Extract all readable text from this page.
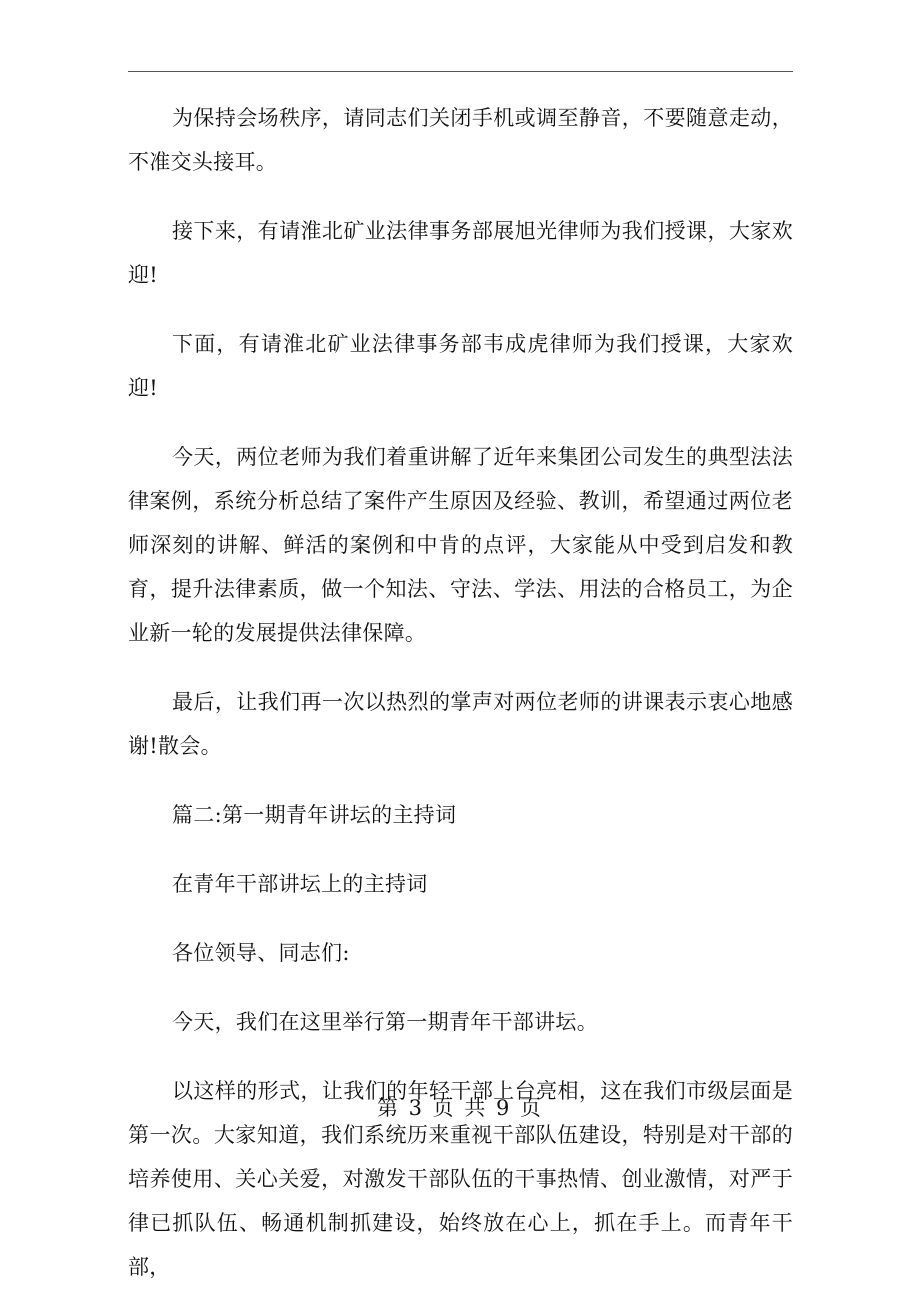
为保持会场秩序，请同志们关闭手机或调至静音，不要随意走动，不准交头接耳。

接下来，有请淮北矿业法律事务部展旭光律师为我们授课，大家欢迎!

下面，有请淮北矿业法律事务部韦成虎律师为我们授课，大家欢迎!

今天，两位老师为我们着重讲解了近年来集团公司发生的典型法法律案例，系统分析总结了案件产生原因及经验、教训，希望通过两位老师深刻的讲解、鲜活的案例和中肯的点评，大家能从中受到启发和教育，提升法律素质，做一个知法、守法、学法、用法的合格员工，为企业新一轮的发展提供法律保障。

最后，让我们再一次以热烈的掌声对两位老师的讲课表示衷心地感谢!散会。

篇二:第一期青年讲坛的主持词

在青年干部讲坛上的主持词

各位领导、同志们:

今天，我们在这里举行第一期青年干部讲坛。

以这样的形式，让我们的年轻干部上台亮相，这在我们市级层面是第一次。大家知道，我们系统历来重视干部队伍建设，特别是对干部的培养使用、关心关爱，对激发干部队伍的干事热情、创业激情，对严于律已抓队伍、畅通机制抓建设，始终放在心上，抓在手上。而青年干部，

第 3 页 共 9 页
